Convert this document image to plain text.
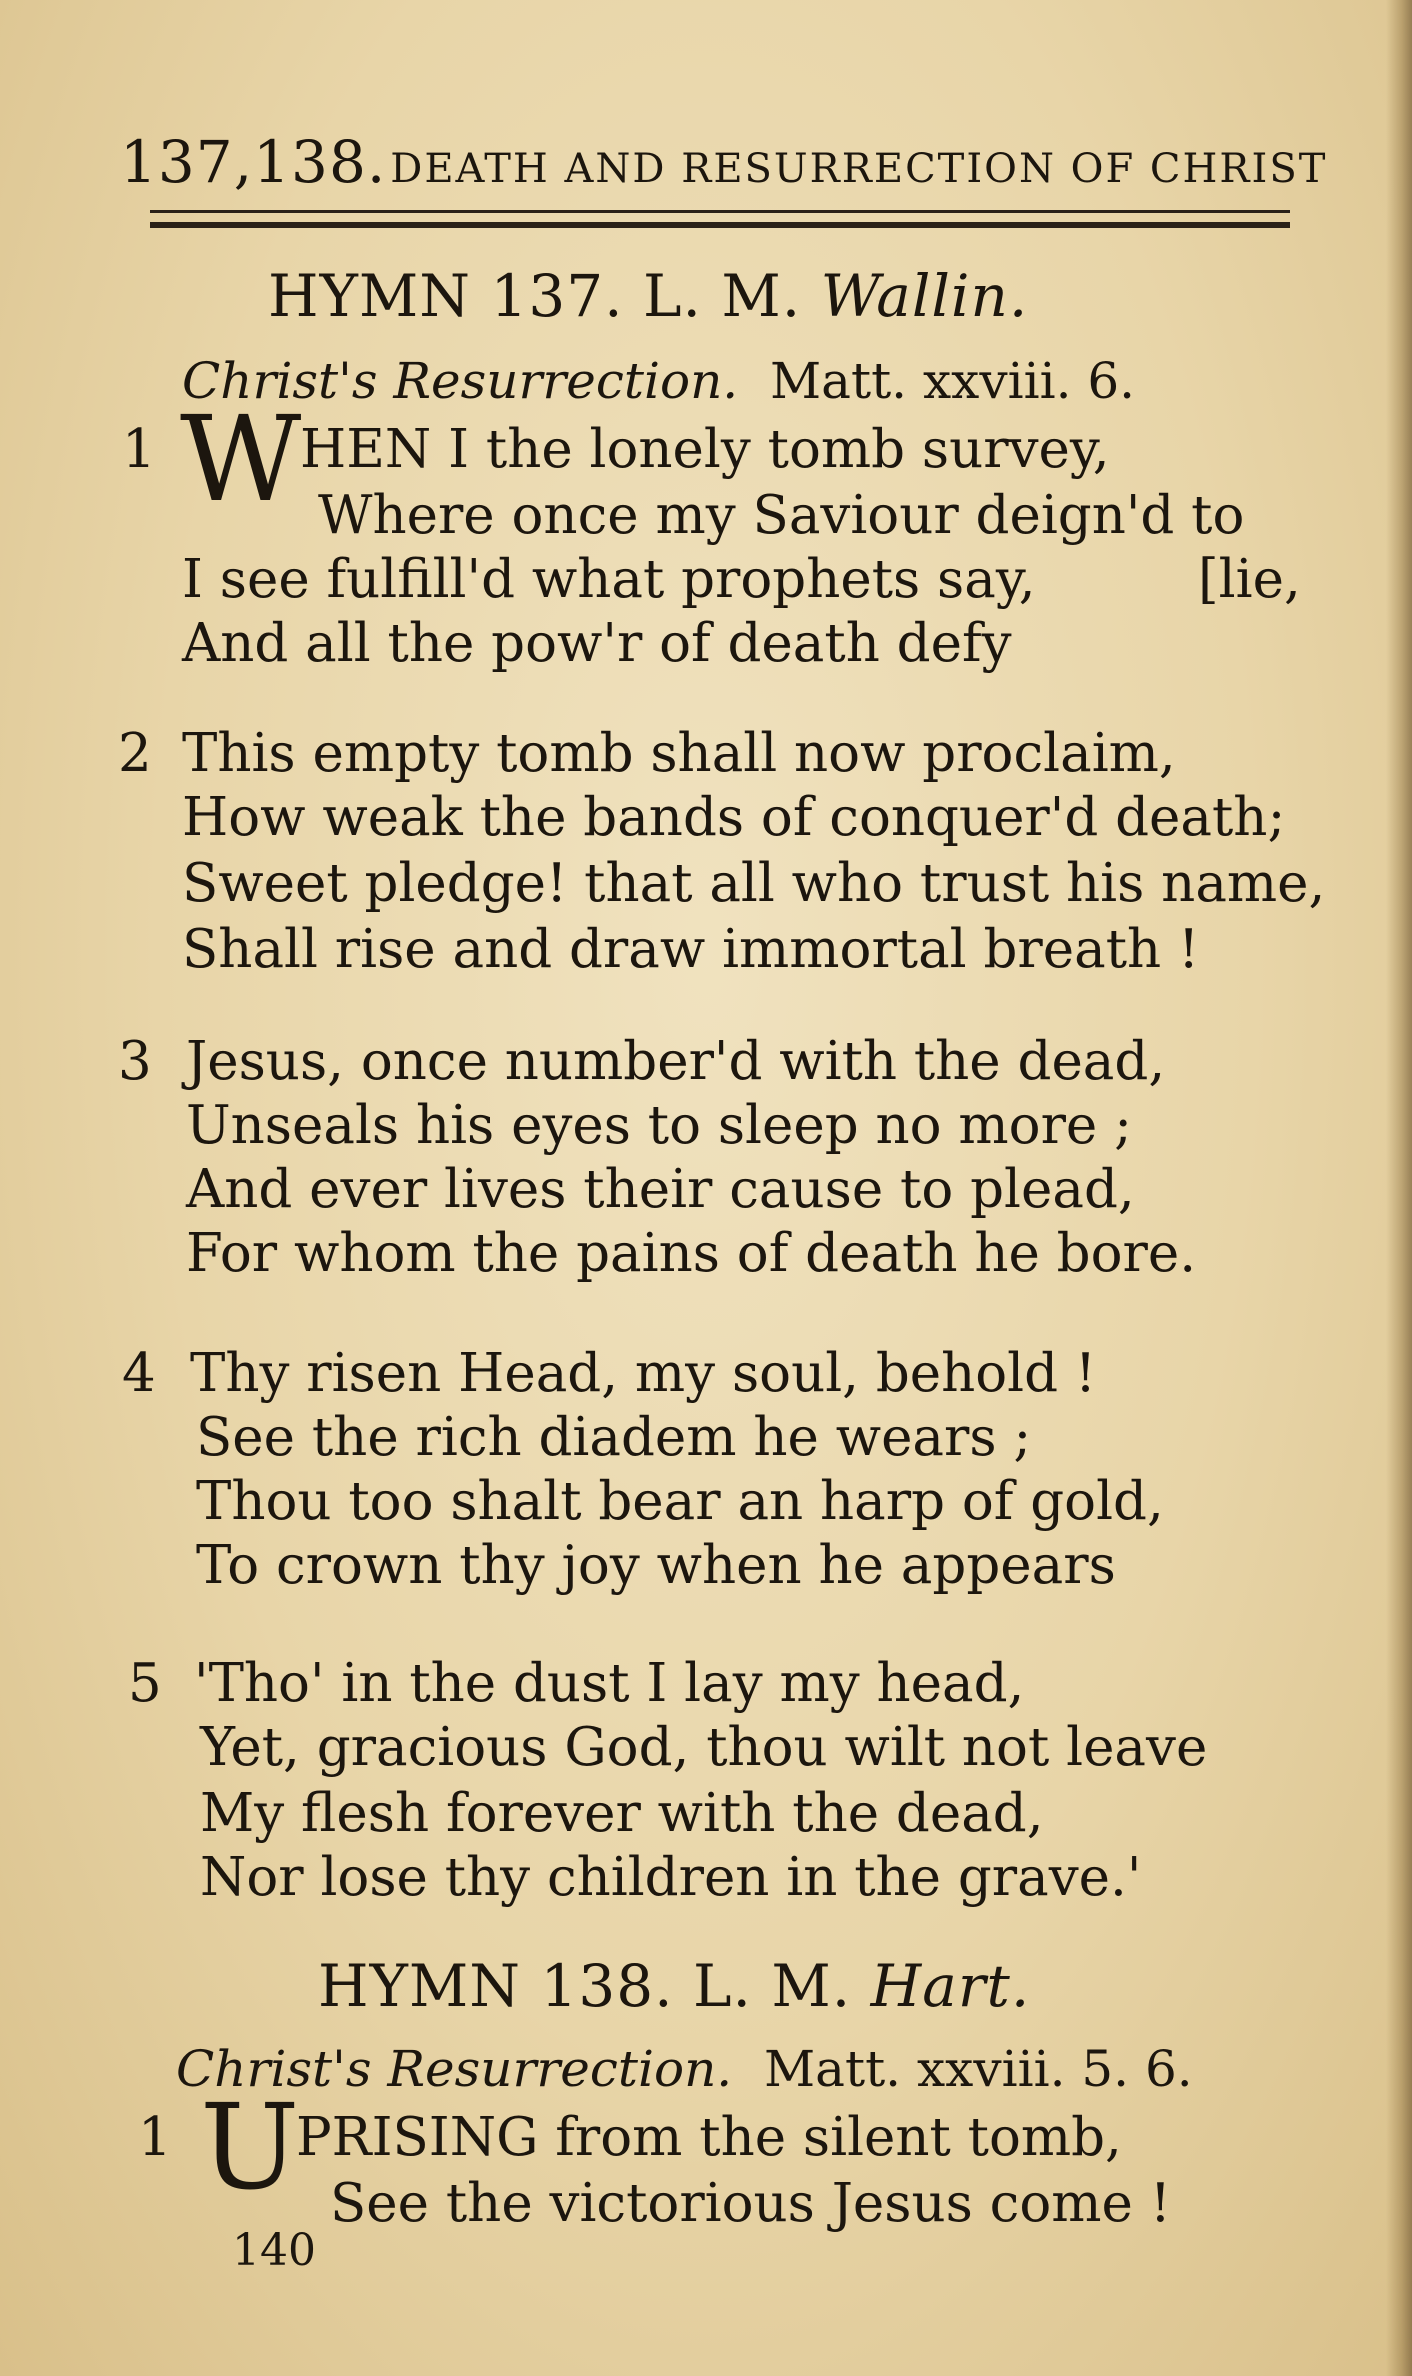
137,138. DEATH AND RESURRECTION OF CHRIST
HYMN 137. L. M. Wallin.
Christ's Resurrection. Matt. xxviii. 6.
1 W
HEN I the lonely tomb survey,
Where once my Saviour deign'd to
I see fulfill'd what prophets say,	[lie,
And all the pow'r of death defy
2 This empty tomb shall now proclaim,
How weak the bands of conquer'd death;
Sweet pledge! that all who trust his name,
Shall rise and draw immortal breath !
3 Jesus, once number'd with the dead,
Unseals his eyes to sleep no more ;
And ever lives their cause to plead,
For whom the pains of death he bore.
4 Thy risen Head, my soul, behold !
See the rich diadem he wears ;
Thou too shalt bear an harp of gold,
To crown thy joy when he appears
5 'Tho' in the dust I lay my head,
Yet, gracious God, thou wilt not leave
My flesh forever with the dead,
Nor lose thy children in the grave.'
HYMN 138. L. M. Hart.
Christ's Resurrection. Matt. xxviii. 5. 6.
1 U
PRISING from the silent tomb,
See the victorious Jesus come !
140
